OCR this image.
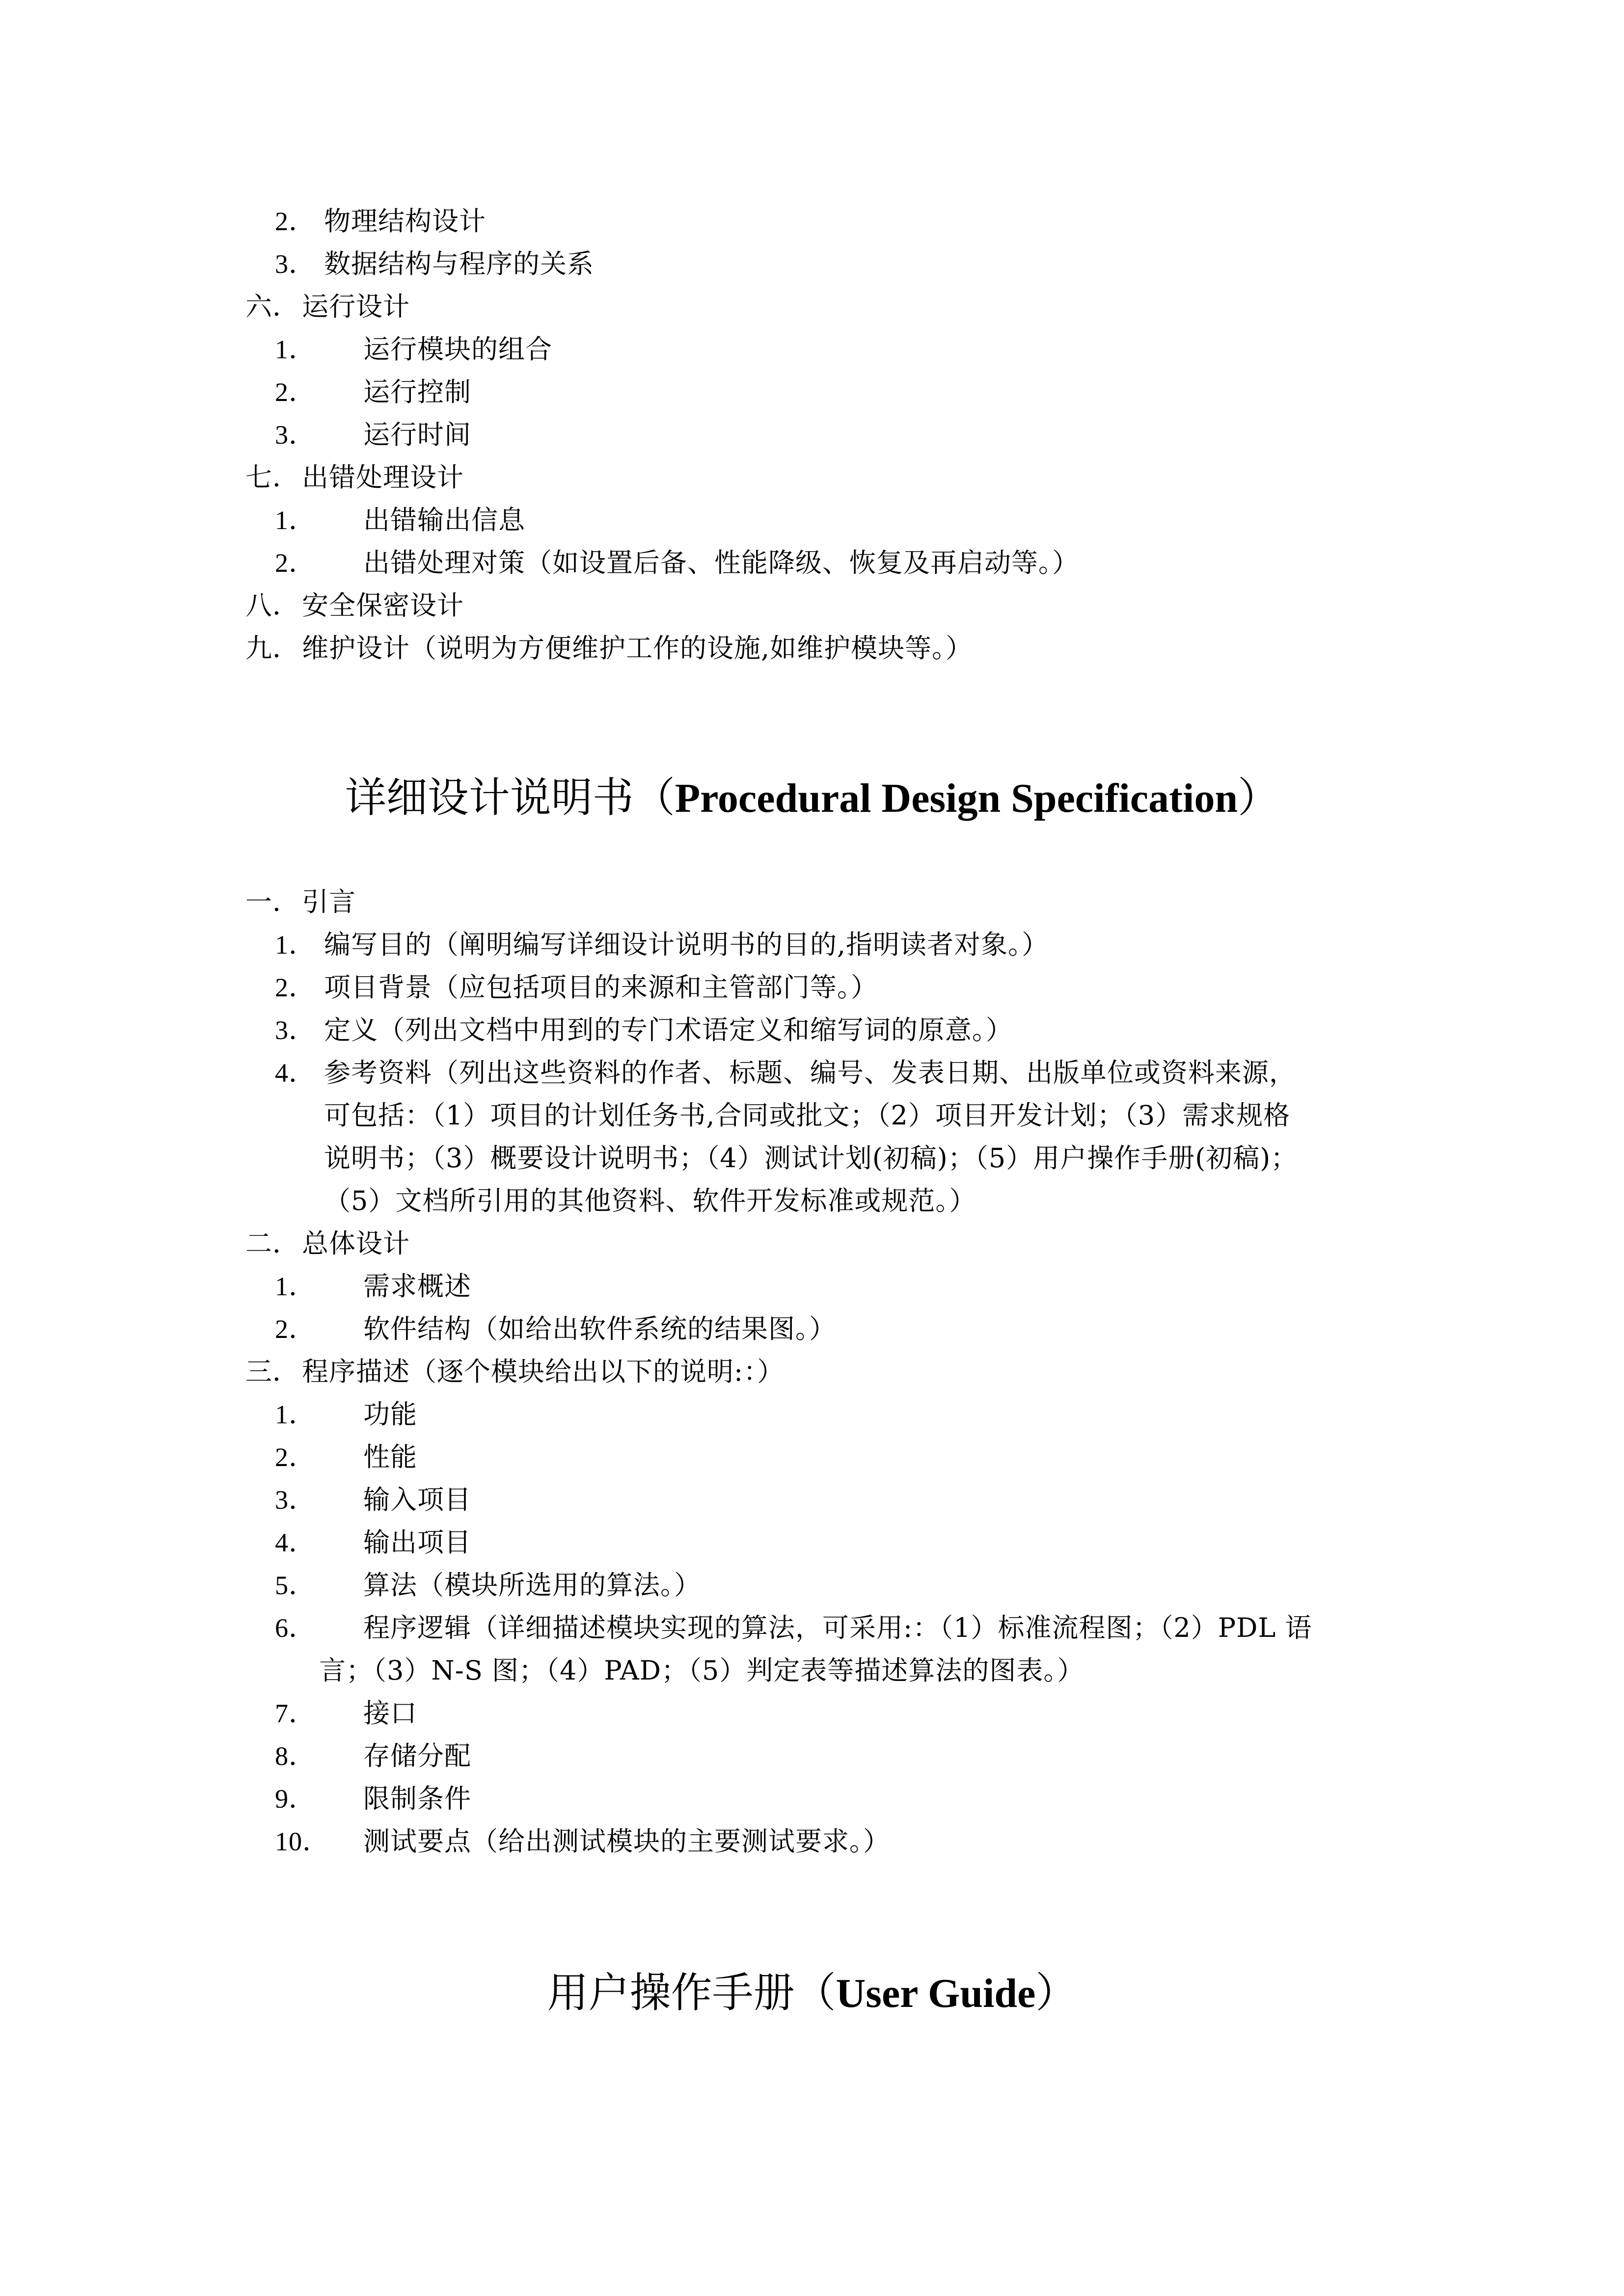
2． 物理结构设计
3． 数据结构与程序的关系
六．运行设计
1． 运行模块的组合
2． 运行控制
3． 运行时间
七．出错处理设计
1． 出错输出信息
2． 出错处理对策（如设置后备、性能降级、恢复及再启动等。）
八．安全保密设计
九．维护设计（说明为方便维护工作的设施,如维护模块等。）
详细设计说明书（Procedural Design Specification）
一．引言
1． 编写目的（阐明编写详细设计说明书的目的,指明读者对象。）
2． 项目背景（应包括项目的来源和主管部门等。）
3． 定义（列出文档中用到的专门术语定义和缩写词的原意。）
4． 参考资料（列出这些资料的作者、标题、编号、发表日期、出版单位或资料来源，
可包括：（1）项目的计划任务书,合同或批文；（2）项目开发计划；（3）需求规格
说明书；（3）概要设计说明书；（4）测试计划(初稿)；（5）用户操作手册(初稿)；
（5）文档所引用的其他资料、软件开发标准或规范。）
二．总体设计
1． 需求概述
2． 软件结构（如给出软件系统的结果图。）
三．程序描述（逐个模块给出以下的说明:：）
1． 功能
2． 性能
3． 输入项目
4． 输出项目
5． 算法（模块所选用的算法。）
6． 程序逻辑（详细描述模块实现的算法，可采用:：（1）标准流程图；（2）PDL 语
言；（3）N-S 图；（4）PAD；（5）判定表等描述算法的图表。）
7． 接口
8． 存储分配
9． 限制条件
10． 测试要点（给出测试模块的主要测试要求。）
用户操作手册（User Guide）
